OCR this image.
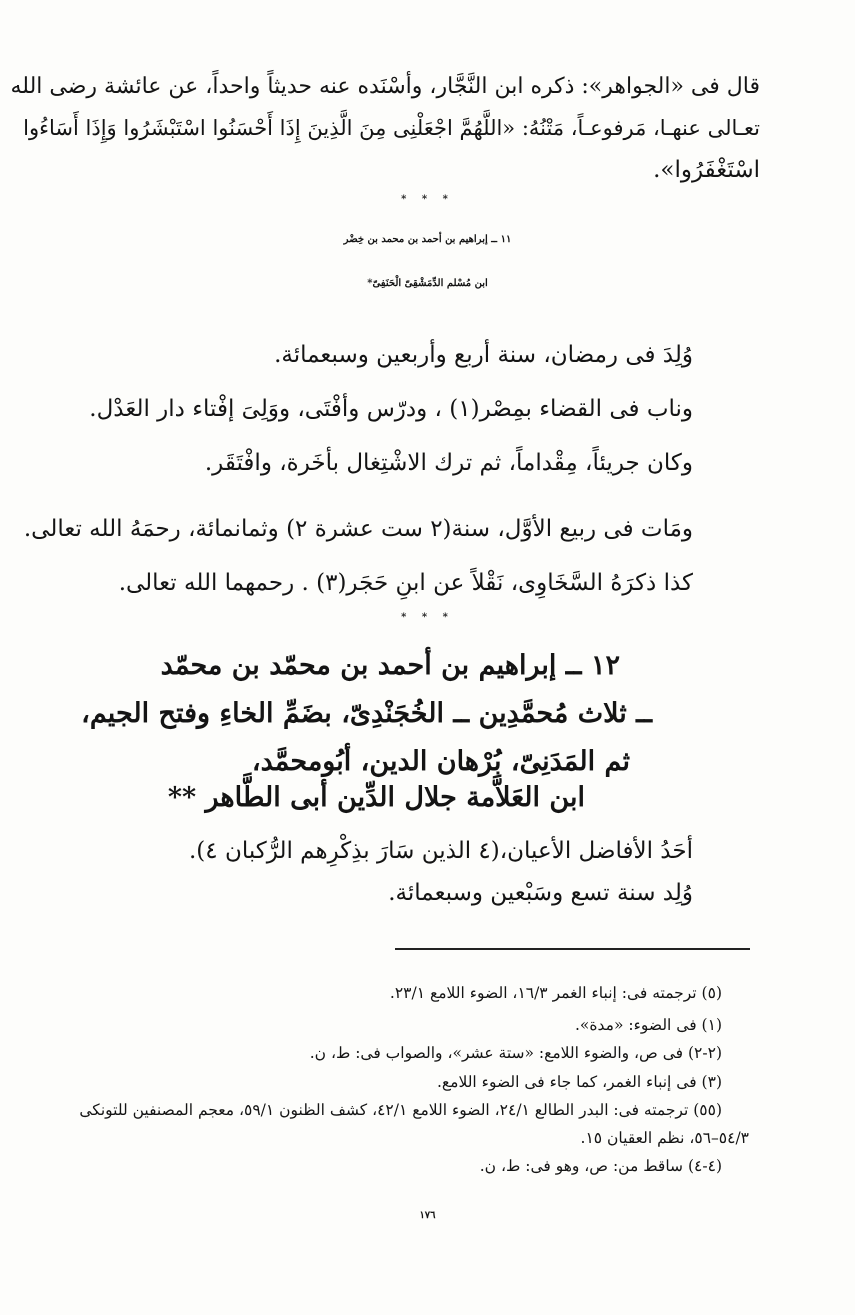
قال فى «الجواهر»: ذكره ابن النَّجَّار، وأسْنَده عنه حديثاً واحداً، عن عائشة رضى الله
تعـالى عنهـا، مَرفوعـاً، مَتْنُهُ: «اللَّهُمَّ اجْعَلْنِى مِنَ الَّذِينَ إِذَا أَحْسَنُوا اسْتَبْشَرُوا وَإِذَا أَسَاءُوا
اسْتَغْفَرُوا».
* * *
١١ ــ إبراهيم بن أحمد بن محمد بن خِضْر
ابن مُسْلم الدِّمَشْقِىّ الْحَنَفِىّ*
وُلِدَ فى رمضان، سنة أربع وأربعين وسبعمائة.
وناب فى القضاء بمِصْر(١) ، ودرّس وأفْتَى، ووَلِىَ إفْتاء دار العَدْل.
وكان جريئاً، مِقْداماً، ثم ترك الاشْتِغال بأخَرة، وافْتَقَر.
ومَات فى ربيع الأوَّل، سنة(٢ ست عشرة ٢) وثمانمائة، رحمَهُ الله تعالى.
كذا ذكرَهُ السَّخَاوِى، نَقْلاً عن ابنِ حَجَر(٣) . رحمهما الله تعالى.
* * *
١٢ ــ إبراهيم بن أحمد بن محمّد بن محمّد
ــ ثلاث مُحمَّدِين ــ الخُجَنْدِىّ، بضَمِّ الخاءِ وفتح الجيم،
ثم المَدَنِىّ، بُرْهان الدين، أبُومحمَّد،
ابن العَلاَّمة جلال الدِّين أبى الطَّاهر **
أحَدُ الأفاضل الأعيان،(٤ الذين سَارَ بذِكْرِهم الرُّكبان ٤).
وُلِد سنة تسع وسَبْعين وسبعمائة.
(٥) ترجمته فى: إنباء الغمر ١٦/٣، الضوء اللامع ٢٣/١.
(١) فى الضوء: «مدة».
(٢-٢) فى ص، والضوء اللامع: «ستة عشر»، والصواب فى: ط، ن.
(٣) فى إنباء الغمر، كما جاء فى الضوء اللامع.
(٥٥) ترجمته فى: البدر الطالع ٢٤/١، الضوء اللامع ٤٢/١، كشف الظنون ٥٩/١، معجم المصنفين للتونكى
٥٤/٣–٥٦، نظم العقيان ١٥.
(٤-٤) ساقط من: ص، وهو فى: ط، ن.
١٧٦
